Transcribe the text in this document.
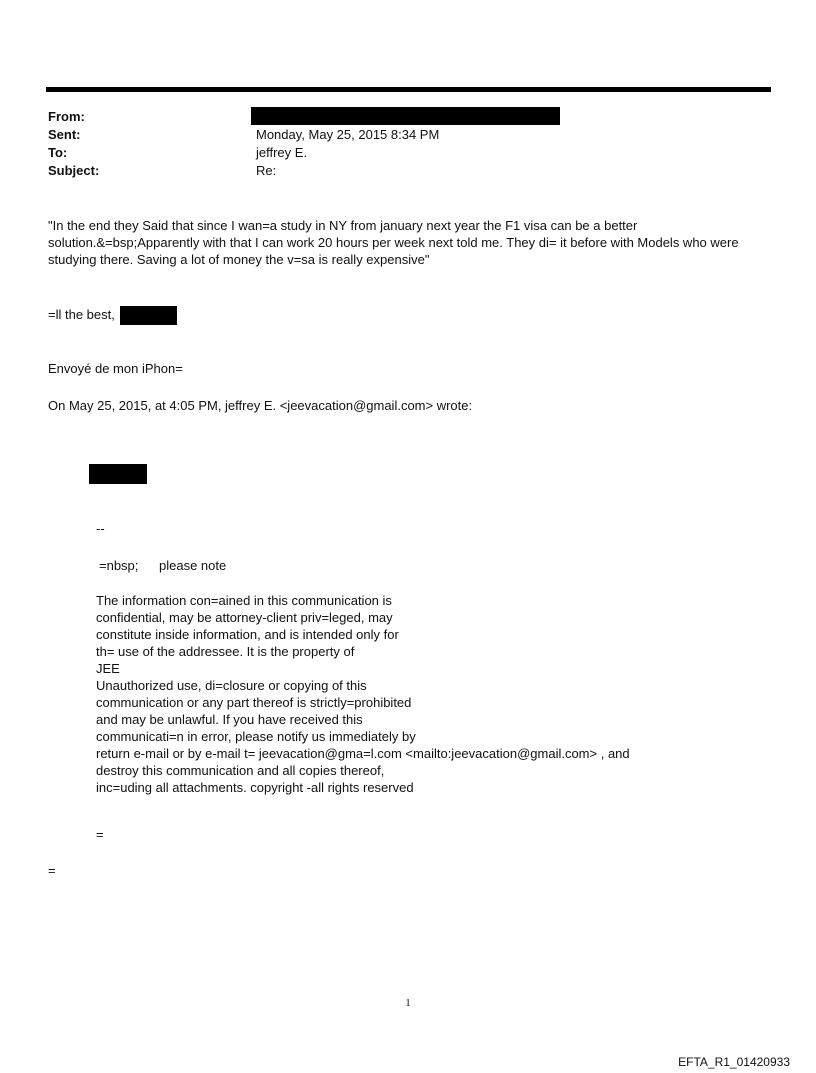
From:
Sent:	Monday, May 25, 2015 8:34 PM
To:	jeffrey E.
Subject:	Re:
"In the end they Said that since I wan=a study in NY from january next year the F1 visa can be a better solution.&=bsp;Apparently with that I can work 20 hours per week next told me. They di= it before with Models who were studying there. Saving a lot of money the v=sa is really expensive"
=ll the best,
Envoyé de mon iPhon=
On May 25, 2015, at 4:05 PM, jeffrey E. <jeevacation@gmail.com> wrote:
--
=nbsp; please note
The information con=ained in this communication is
confidential, may be attorney-client priv=leged, may
constitute inside information, and is intended only for
th= use of the addressee. It is the property of
JEE
Unauthorized use, di=closure or copying of this
communication or any part thereof is strictly=prohibited
and may be unlawful. If you have received this
communicati=n in error, please notify us immediately by
return e-mail or by e-mail t= jeevacation@gma=l.com <mailto:jeevacation@gmail.com> , and
destroy this communication and all copies thereof,
inc=uding all attachments. copyright -all rights reserved
=
=
1
EFTA_R1_01420933
